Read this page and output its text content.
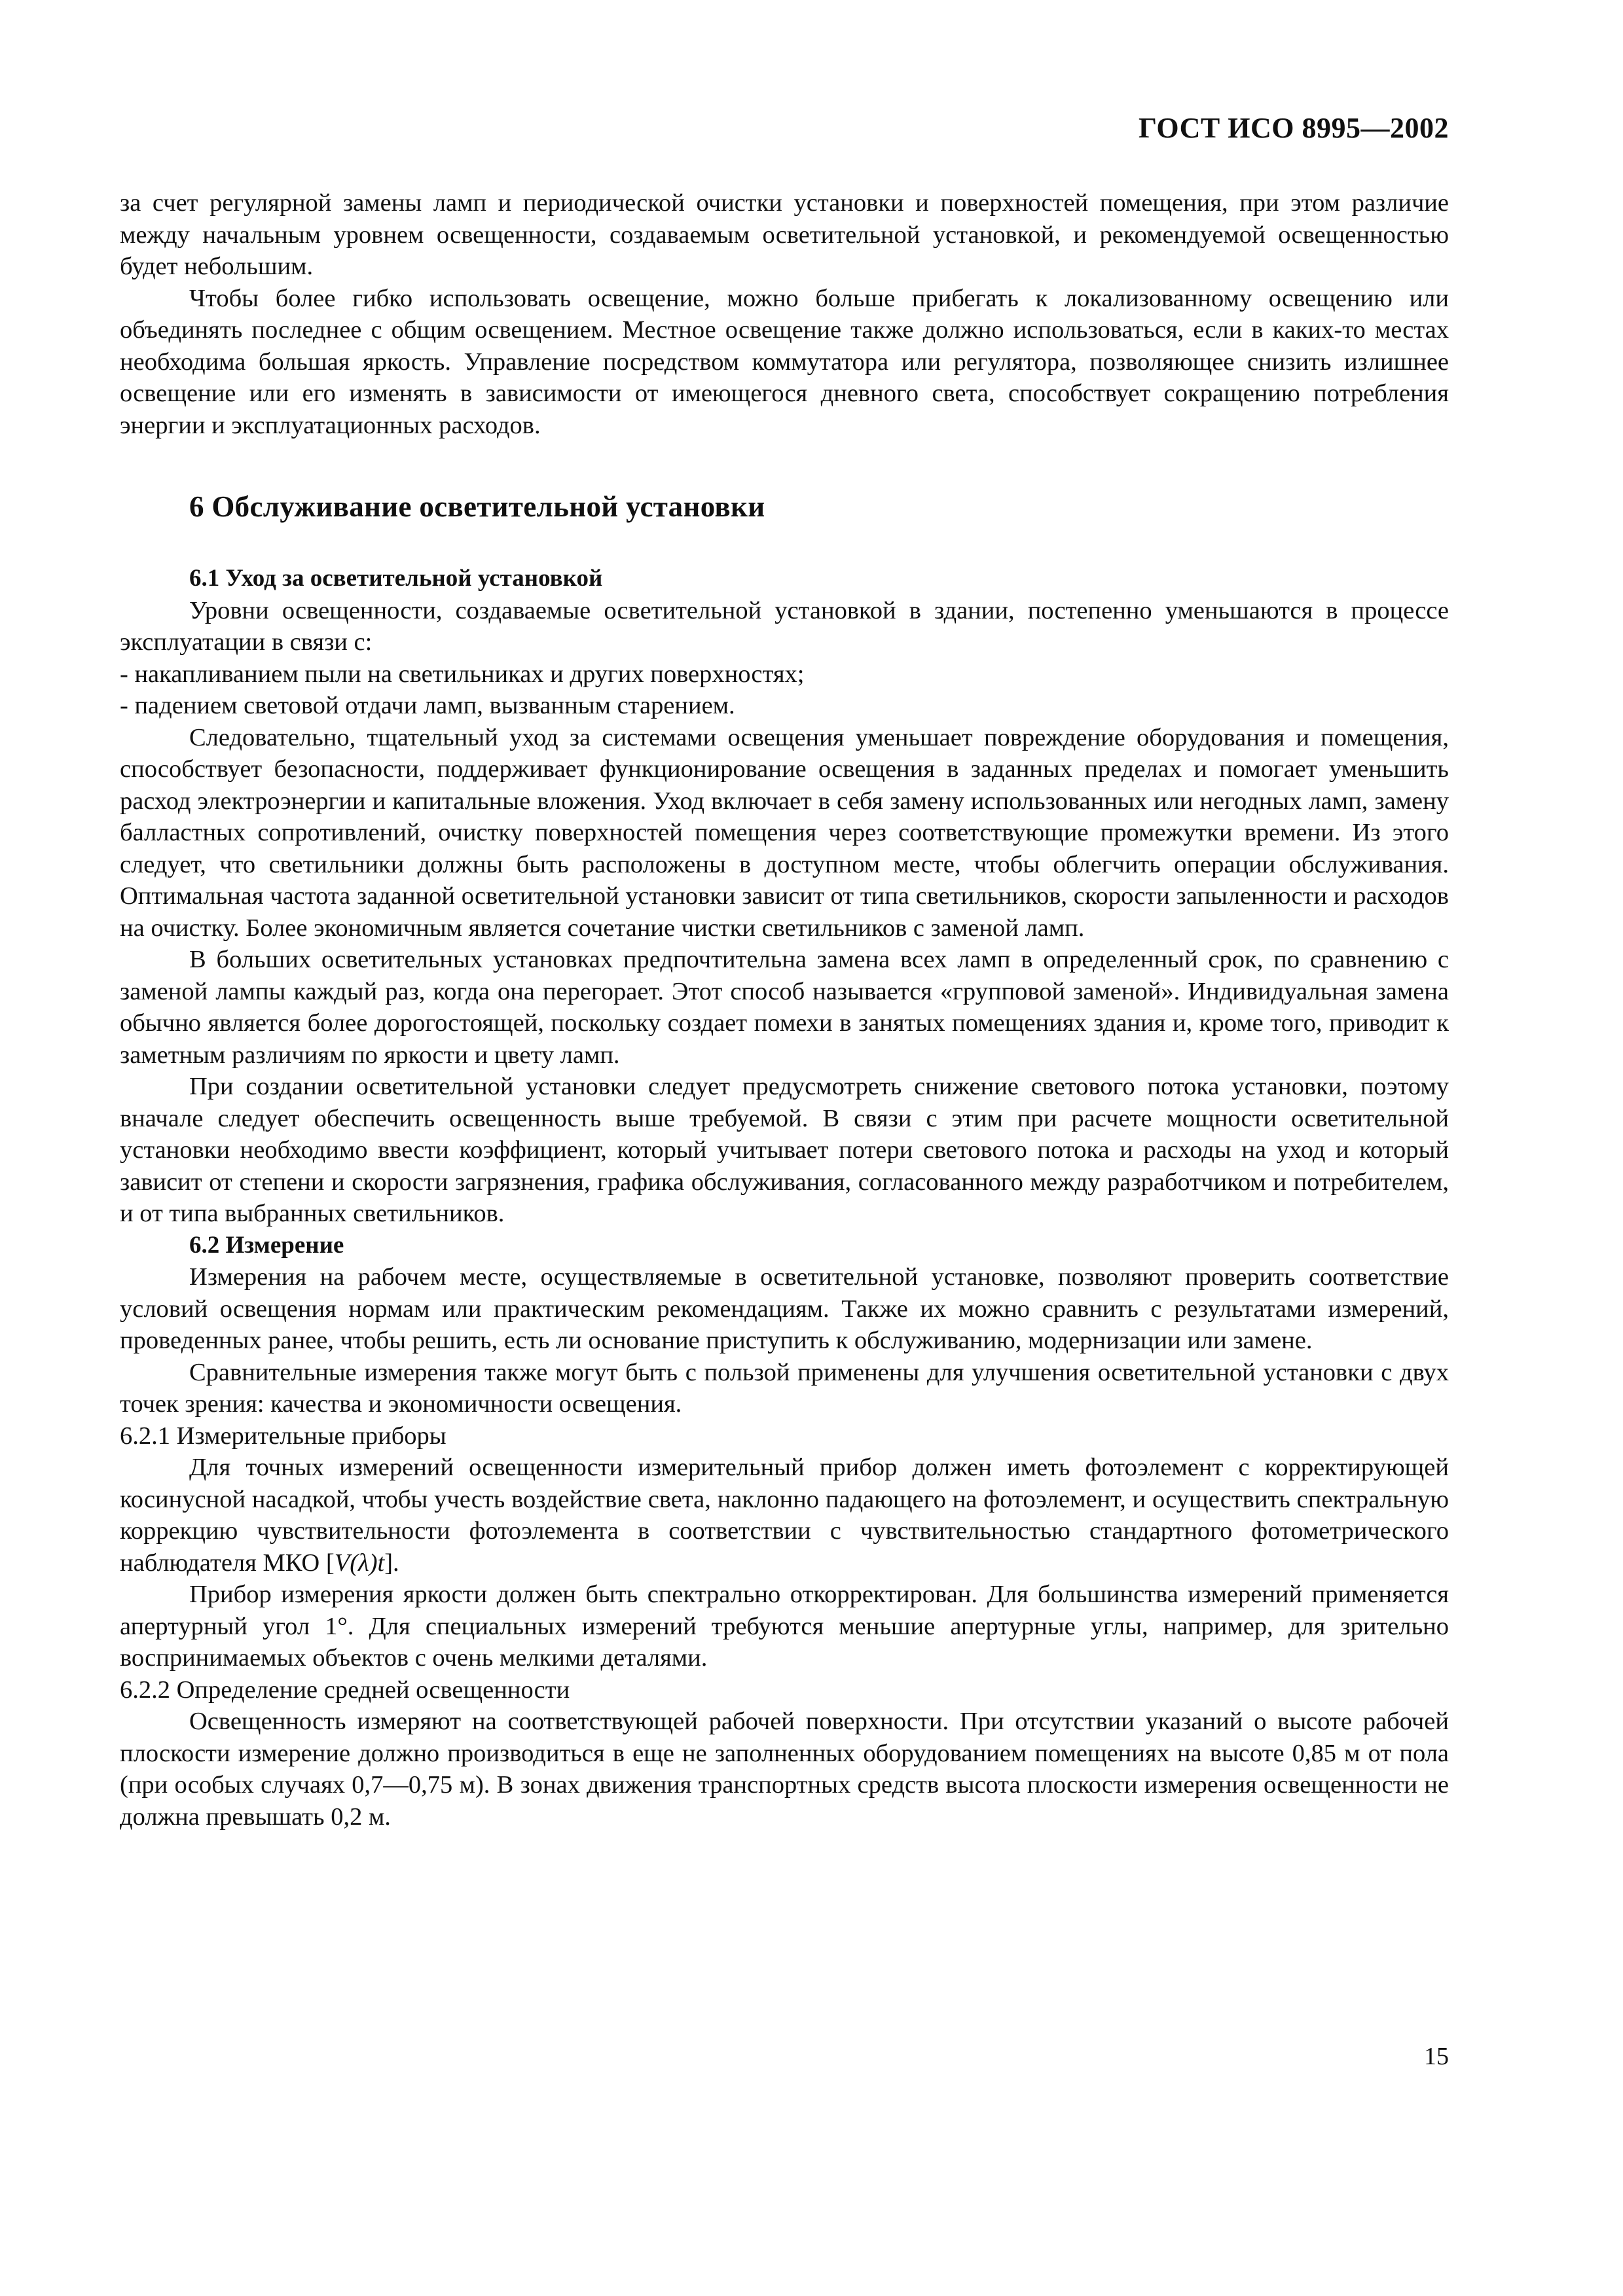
ГОСТ ИСО 8995—2002

за счет регулярной замены ламп и периодической очистки установки и поверхностей помещения, при этом различие между начальным уровнем освещенности, создаваемым осветительной установкой, и рекомендуемой освещенностью будет небольшим.

Чтобы более гибко использовать освещение, можно больше прибегать к локализованному освещению или объединять последнее с общим освещением. Местное освещение также должно использоваться, если в каких-то местах необходима большая яркость. Управление посредством коммутатора или регулятора, позволяющее снизить излишнее освещение или его изменять в зависимости от имеющегося дневного света, способствует сокращению потребления энергии и эксплуатационных расходов.

6 Обслуживание осветительной установки
6.1 Уход за осветительной установкой

Уровни освещенности, создаваемые осветительной установкой в здании, постепенно уменьшаются в процессе эксплуатации в связи с:

- накапливанием пыли на светильниках и других поверхностях;

- падением световой отдачи ламп, вызванным старением.

Следовательно, тщательный уход за системами освещения уменьшает повреждение оборудования и помещения, способствует безопасности, поддерживает функционирование освещения в заданных пределах и помогает уменьшить расход электроэнергии и капитальные вложения. Уход включает в себя замену использованных или негодных ламп, замену балластных сопротивлений, очистку поверхностей помещения через соответствующие промежутки времени. Из этого следует, что светильники должны быть расположены в доступном месте, чтобы облегчить операции обслуживания. Оптимальная частота заданной осветительной установки зависит от типа светильников, скорости запыленности и расходов на очистку. Более экономичным является сочетание чистки светильников с заменой ламп.

В больших осветительных установках предпочтительна замена всех ламп в определенный срок, по сравнению с заменой лампы каждый раз, когда она перегорает. Этот способ называется «групповой заменой». Индивидуальная замена обычно является более дорогостоящей, поскольку создает помехи в занятых помещениях здания и, кроме того, приводит к заметным различиям по яркости и цвету ламп.

При создании осветительной установки следует предусмотреть снижение светового потока установки, поэтому вначале следует обеспечить освещенность выше требуемой. В связи с этим при расчете мощности осветительной установки необходимо ввести коэффициент, который учитывает потери светового потока и расходы на уход и который зависит от степени и скорости загрязнения, графика обслуживания, согласованного между разработчиком и потребителем, и от типа выбранных светильников.

6.2 Измерение

Измерения на рабочем месте, осуществляемые в осветительной установке, позволяют проверить соответствие условий освещения нормам или практическим рекомендациям. Также их можно сравнить с результатами измерений, проведенных ранее, чтобы решить, есть ли основание приступить к обслуживанию, модернизации или замене.

Сравнительные измерения также могут быть с пользой применены для улучшения осветительной установки с двух точек зрения: качества и экономичности освещения.

6.2.1 Измерительные приборы

Для точных измерений освещенности измерительный прибор должен иметь фотоэлемент с корректирующей косинусной насадкой, чтобы учесть воздействие света, наклонно падающего на фотоэлемент, и осуществить спектральную коррекцию чувствительности фотоэлемента в соответствии с чувствительностью стандартного фотометрического наблюдателя МКО [V(λ)t].

Прибор измерения яркости должен быть спектрально откорректирован. Для большинства измерений применяется апертурный угол 1°. Для специальных измерений требуются меньшие апертурные углы, например, для зрительно воспринимаемых объектов с очень мелкими деталями.

6.2.2 Определение средней освещенности

Освещенность измеряют на соответствующей рабочей поверхности. При отсутствии указаний о высоте рабочей плоскости измерение должно производиться в еще не заполненных оборудованием помещениях на высоте 0,85 м от пола (при особых случаях 0,7—0,75 м). В зонах движения транспортных средств высота плоскости измерения освещенности не должна превышать 0,2 м.

15
